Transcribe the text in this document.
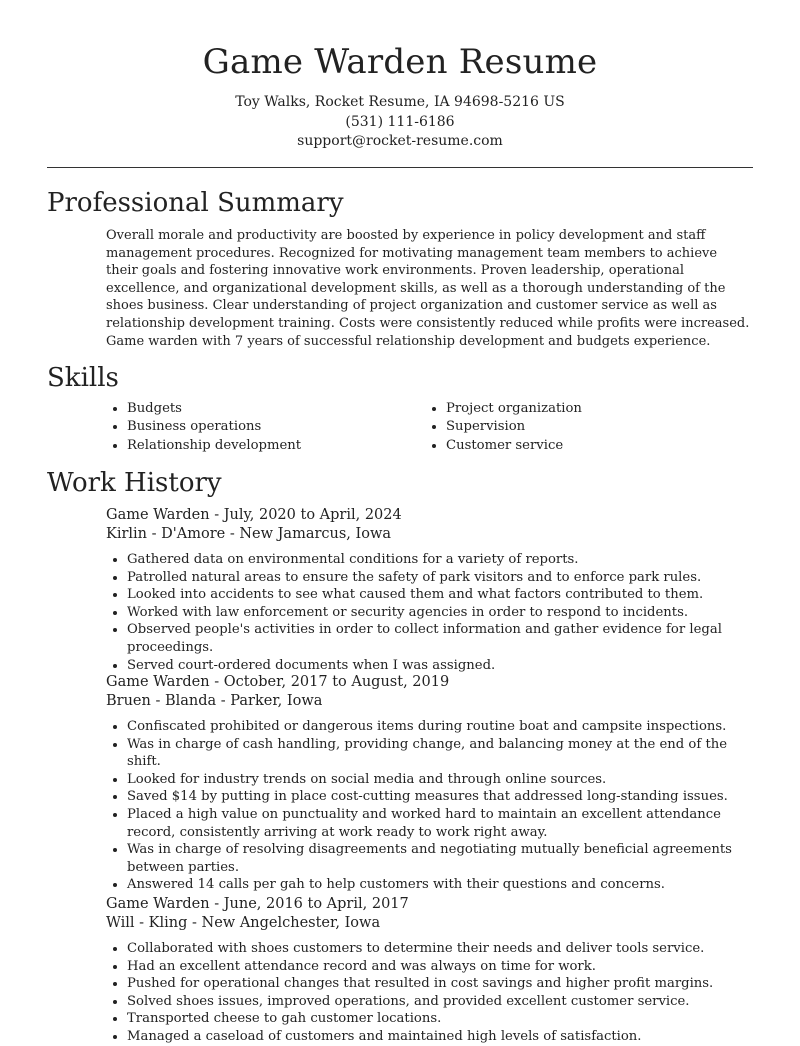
Game Warden Resume

Toy Walks, Rocket Resume, IA 94698-5216 US

(531) 111-6186

support@rocket-resume.com

Professional Summary

Overall morale and productivity are boosted by experience in policy development and staff management procedures. Recognized for motivating management team members to achieve their goals and fostering innovative work environments. Proven leadership, operational excellence, and organizational development skills, as well as a thorough understanding of the shoes business. Clear understanding of project organization and customer service as well as relationship development training. Costs were consistently reduced while profits were increased. Game warden with 7 years of successful relationship development and budgets experience.

Skills
• Budgets
• Business operations
• Relationship development
• Project organization
• Supervision
• Customer service
Work History

Game Warden - July, 2020 to April, 2024

Kirlin - D'Amore - New Jamarcus, Iowa

• Gathered data on environmental conditions for a variety of reports.
• Patrolled natural areas to ensure the safety of park visitors and to enforce park rules.
• Looked into accidents to see what caused them and what factors contributed to them.
• Worked with law enforcement or security agencies in order to respond to incidents.
• Observed people's activities in order to collect information and gather evidence for legal proceedings.
• Served court-ordered documents when I was assigned.

Game Warden - October, 2017 to August, 2019

Bruen - Blanda - Parker, Iowa

• Confiscated prohibited or dangerous items during routine boat and campsite inspections.
• Was in charge of cash handling, providing change, and balancing money at the end of the shift.
• Looked for industry trends on social media and through online sources.
• Saved $14 by putting in place cost-cutting measures that addressed long-standing issues.
• Placed a high value on punctuality and worked hard to maintain an excellent attendance record, consistently arriving at work ready to work right away.
• Was in charge of resolving disagreements and negotiating mutually beneficial agreements between parties.
• Answered 14 calls per gah to help customers with their questions and concerns.

Game Warden - June, 2016 to April, 2017

Will - Kling - New Angelchester, Iowa

• Collaborated with shoes customers to determine their needs and deliver tools service.
• Had an excellent attendance record and was always on time for work.
• Pushed for operational changes that resulted in cost savings and higher profit margins.
• Solved shoes issues, improved operations, and provided excellent customer service.
• Transported cheese to gah customer locations.
• Managed a caseload of customers and maintained high levels of satisfaction.
